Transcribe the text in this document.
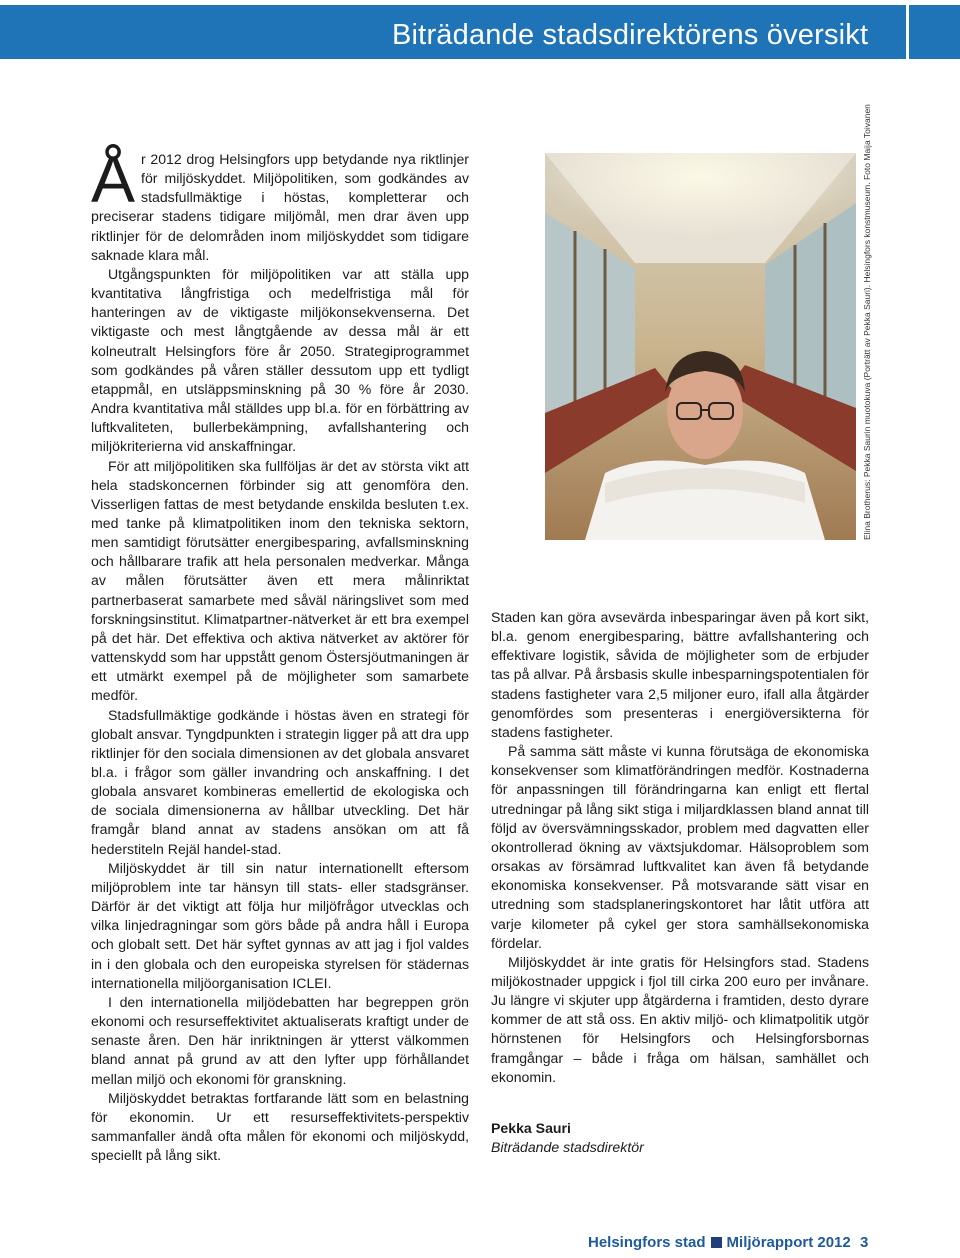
Biträdande stadsdirektörens översikt
Å r 2012 drog Helsingfors upp betydande nya riktlinjer för miljöskyddet. Miljöpolitiken, som godkändes av stadsfullmäktige i höstas, kompletterar och preciserar stadens tidigare miljömål, men drar även upp riktlinjer för de delområden inom miljöskyddet som tidigare saknade klara mål.

Utgångspunkten för miljöpolitiken var att ställa upp kvantitativa långfristiga och medelfristiga mål för hanteringen av de viktigaste miljökonsekvenserna. Det viktigaste och mest långtgående av dessa mål är ett kolneutralt Helsingfors före år 2050. Strategiprogrammet som godkändes på våren ställer dessutom upp ett tydligt etappmål, en utsläppsminskning på 30 % före år 2030. Andra kvantitativa mål ställdes upp bl.a. för en förbättring av luftkvaliteten, bullerbekämpning, avfallshantering och miljökriterierna vid anskaffningar.

För att miljöpolitiken ska fullföljas är det av största vikt att hela stadskoncernen förbinder sig att genomföra den. Visserligen fattas de mest betydande enskilda besluten t.ex. med tanke på klimatpolitiken inom den tekniska sektorn, men samtidigt förutsätter energibesparing, avfallsminskning och hållbarare trafik att hela personalen medverkar. Många av målen förutsätter även ett mera målinriktat partnerbaserat samarbete med såväl näringslivet som med forskningsinstitut. Klimatpartner-nätverket är ett bra exempel på det här. Det effektiva och aktiva nätverket av aktörer för vattenskydd som har uppstått genom Östersjöutmaningen är ett utmärkt exempel på de möjligheter som samarbete medför.

Stadsfullmäktige godkände i höstas även en strategi för globalt ansvar. Tyngdpunkten i strategin ligger på att dra upp riktlinjer för den sociala dimensionen av det globala ansvaret bl.a. i frågor som gäller invandring och anskaffning. I det globala ansvaret kombineras emellertid de ekologiska och de sociala dimensionerna av hållbar utveckling. Det här framgår bland annat av stadens ansökan om att få hederstiteln Rejäl handel-stad.

Miljöskyddet är till sin natur internationellt eftersom miljöproblem inte tar hänsyn till stats- eller stadsgränser. Därför är det viktigt att följa hur miljöfrågor utvecklas och vilka linjedragningar som görs både på andra håll i Europa och globalt sett. Det här syftet gynnas av att jag i fjol valdes in i den globala och den europeiska styrelsen för städernas internationella miljöorganisation ICLEI.

I den internationella miljödebatten har begreppen grön ekonomi och resurseffektivitet aktualiserats kraftigt under de senaste åren. Den här inriktningen är ytterst välkommen bland annat på grund av att den lyfter upp förhållandet mellan miljö och ekonomi för granskning.

Miljöskyddet betraktas fortfarande lätt som en belastning för ekonomin. Ur ett resurseffektivitets-perspektiv sammanfaller ändå ofta målen för ekonomi och miljöskydd, speciellt på lång sikt.

Elina Brotherus: Pekka Saurin muotokuva (Porträtt av Pekka Sauri). Helsingfors konstmuseum. Foto Maija Toivanen

Staden kan göra avsevärda inbesparingar även på kort sikt, bl.a. genom energibesparing, bättre avfallshantering och effektivare logistik, såvida de möjligheter som de erbjuder tas på allvar. På årsbasis skulle inbesparningspotentialen för stadens fastigheter vara 2,5 miljoner euro, ifall alla åtgärder genomfördes som presenteras i energiöversikterna för stadens fastigheter.

På samma sätt måste vi kunna förutsäga de ekonomiska konsekvenser som klimatförändringen medför. Kostnaderna för anpassningen till förändringarna kan enligt ett flertal utredningar på lång sikt stiga i miljardklassen bland annat till följd av översvämningsskador, problem med dagvatten eller okontrollerad ökning av växtsjukdomar. Hälsoproblem som orsakas av försämrad luftkvalitet kan även få betydande ekonomiska konsekvenser. På motsvarande sätt visar en utredning som stadsplaneringskontoret har låtit utföra att varje kilometer på cykel ger stora samhällsekonomiska fördelar.

Miljöskyddet är inte gratis för Helsingfors stad. Stadens miljökostnader uppgick i fjol till cirka 200 euro per invånare. Ju längre vi skjuter upp åtgärderna i framtiden, desto dyrare kommer de att stå oss. En aktiv miljö- och klimatpolitik utgör hörnstenen för Helsingfors och Helsingforsbornas framgångar – både i fråga om hälsan, samhället och ekonomin.

Pekka Sauri
Biträdande stadsdirektör
Helsingfors stad Miljörapport 2012 3
